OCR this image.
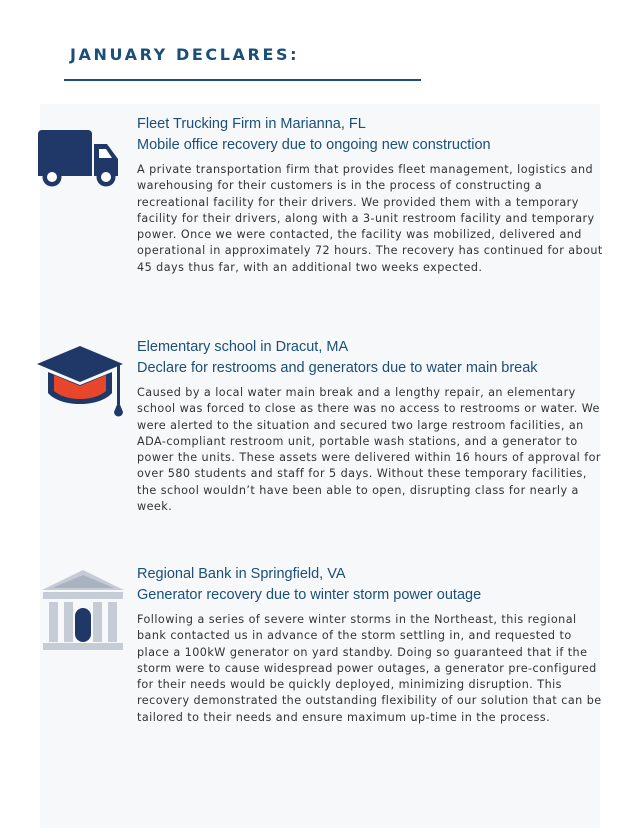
JANUARY DECLARES:
Fleet Trucking Firm in Marianna, FL
Mobile office recovery due to ongoing new construction

A private transportation firm that provides fleet management, logistics and warehousing for their customers is in the process of constructing a recreational facility for their drivers. We provided them with a temporary facility for their drivers, along with a 3-unit restroom facility and temporary power. Once we were contacted, the facility was mobilized, delivered and operational in approximately 72 hours. The recovery has continued for about 45 days thus far, with an additional two weeks expected.

Elementary school in Dracut, MA
Declare for restrooms and generators due to water main break

Caused by a local water main break and a lengthy repair, an elementary school was forced to close as there was no access to restrooms or water. We were alerted to the situation and secured two large restroom facilities, an ADA-compliant restroom unit, portable wash stations, and a generator to power the units. These assets were delivered within 16 hours of approval for over 580 students and staff for 5 days. Without these temporary facilities, the school wouldn’t have been able to open, disrupting class for nearly a week.

Regional Bank in Springfield, VA
Generator recovery due to winter storm power outage

Following a series of severe winter storms in the Northeast, this regional bank contacted us in advance of the storm settling in, and requested to place a 100kW generator on yard standby. Doing so guaranteed that if the storm were to cause widespread power outages, a generator pre-configured for their needs would be quickly deployed, minimizing disruption. This recovery demonstrated the outstanding flexibility of our solution that can be tailored to their needs and ensure maximum up-time in the process.
